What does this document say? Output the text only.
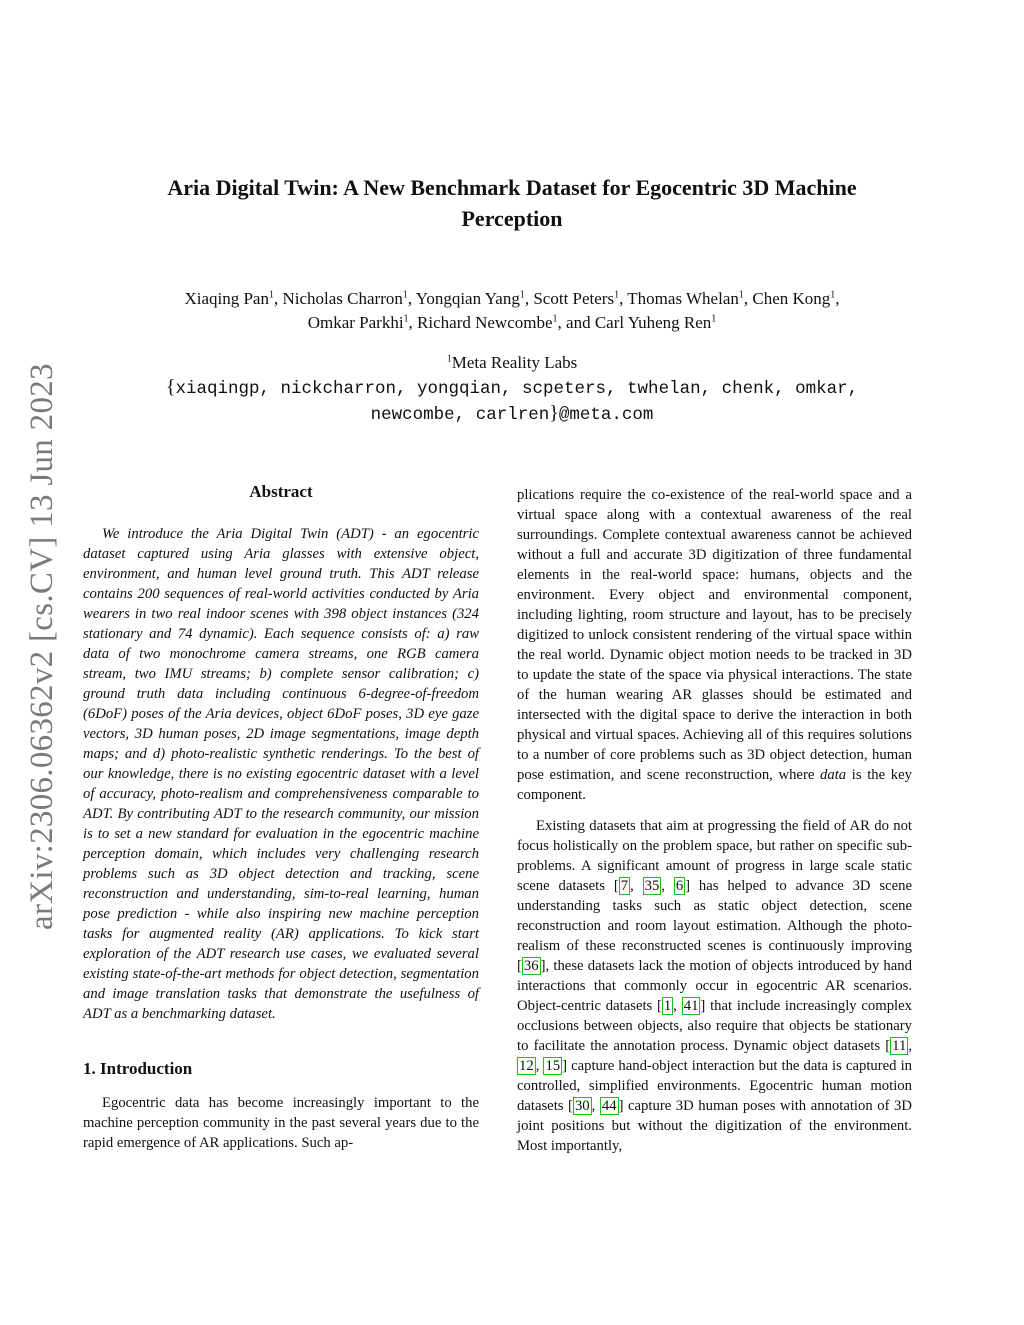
arXiv:2306.06362v2 [cs.CV] 13 Jun 2023
Aria Digital Twin: A New Benchmark Dataset for Egocentric 3D Machine
Perception
Xiaqing Pan$^1$, Nicholas Charron$^1$, Yongqian Yang$^1$, Scott Peters$^1$, Thomas Whelan$^1$, Chen Kong$^1$,
Omkar Parkhi$^1$, Richard Newcombe$^1$, and Carl Yuheng Ren$^1$
$^1$Meta Reality Labs
{xiaqingp, nickcharron, yongqian, scpeters, twhelan, chenk, omkar,
newcombe, carlren}@meta.com
Abstract

We introduce the Aria Digital Twin (ADT) - an egocentric dataset captured using Aria glasses with extensive object, environment, and human level ground truth. This ADT release contains 200 sequences of real-world activities conducted by Aria wearers in two real indoor scenes with 398 object instances (324 stationary and 74 dynamic). Each sequence consists of: a) raw data of two monochrome camera streams, one RGB camera stream, two IMU streams; b) complete sensor calibration; c) ground truth data including continuous 6-degree-of-freedom (6DoF) poses of the Aria devices, object 6DoF poses, 3D eye gaze vectors, 3D human poses, 2D image segmentations, image depth maps; and d) photo-realistic synthetic renderings. To the best of our knowledge, there is no existing egocentric dataset with a level of accuracy, photo-realism and comprehensiveness comparable to ADT. By contributing ADT to the research community, our mission is to set a new standard for evaluation in the egocentric machine perception domain, which includes very challenging research problems such as 3D object detection and tracking, scene reconstruction and understanding, sim-to-real learning, human pose prediction - while also inspiring new machine perception tasks for augmented reality (AR) applications. To kick start exploration of the ADT research use cases, we evaluated several existing state-of-the-art methods for object detection, segmentation and image translation tasks that demonstrate the usefulness of ADT as a benchmarking dataset.

1. Introduction

Egocentric data has become increasingly important to the machine perception community in the past several years due to the rapid emergence of AR applications. Such ap-

plications require the co-existence of the real-world space and a virtual space along with a contextual awareness of the real surroundings. Complete contextual awareness cannot be achieved without a full and accurate 3D digitization of three fundamental elements in the real-world space: humans, objects and the environment. Every object and environmental component, including lighting, room structure and layout, has to be precisely digitized to unlock consistent rendering of the virtual space within the real world. Dynamic object motion needs to be tracked in 3D to update the state of the space via physical interactions. The state of the human wearing AR glasses should be estimated and intersected with the digital space to derive the interaction in both physical and virtual spaces. Achieving all of this requires solutions to a number of core problems such as 3D object detection, human pose estimation, and scene reconstruction, where data is the key component.

Existing datasets that aim at progressing the field of AR do not focus holistically on the problem space, but rather on specific sub-problems. A significant amount of progress in large scale static scene datasets [ 7 , 35 , 6 ] has helped to advance 3D scene understanding tasks such as static object detection, scene reconstruction and room layout estimation. Although the photo-realism of these reconstructed scenes is continuously improving [ 36 ], these datasets lack the motion of objects introduced by hand interactions that commonly occur in egocentric AR scenarios. Object-centric datasets [ 1 , 41 ] that include increasingly complex occlusions between objects, also require that objects be stationary to facilitate the annotation process. Dynamic object datasets [ 11 , 12 , 15 ] capture hand-object interaction but the data is captured in controlled, simplified environments. Egocentric human motion datasets [ 30 , 44 ] capture 3D human poses with annotation of 3D joint positions but without the digitization of the environment. Most importantly,
